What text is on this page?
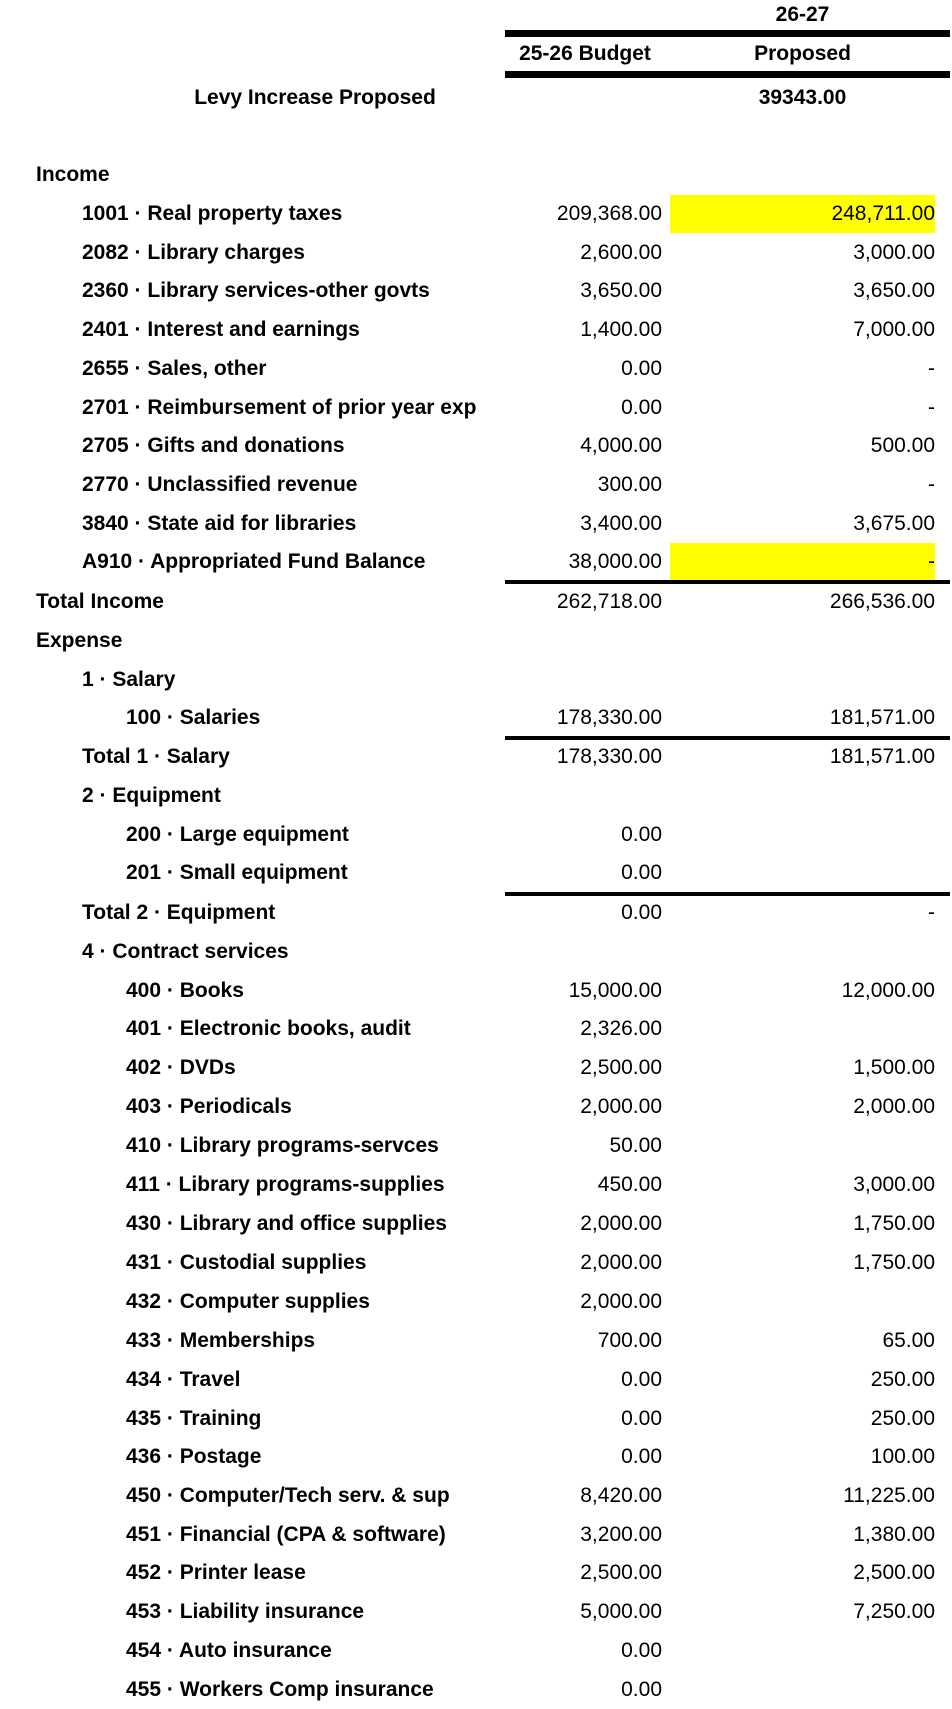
26-27
25-26 Budget	Proposed
Levy Increase Proposed	39343.00
Income
1001 · Real property taxes	209,368.00	248,711.00
2082 · Library charges	2,600.00	3,000.00
2360 · Library services-other govts	3,650.00	3,650.00
2401 · Interest and earnings	1,400.00	7,000.00
2655 · Sales, other	0.00	-
2701 · Reimbursement of prior year exp	0.00	-
2705 · Gifts and donations	4,000.00	500.00
2770 · Unclassified revenue	300.00	-
3840 · State aid for libraries	3,400.00	3,675.00
A910 · Appropriated Fund Balance	38,000.00	-
Total Income	262,718.00	266,536.00
Expense
1 · Salary
100 · Salaries	178,330.00	181,571.00
Total 1 · Salary	178,330.00	181,571.00
2 · Equipment
200 · Large equipment	0.00
201 · Small equipment	0.00
Total 2 · Equipment	0.00	-
4 · Contract services
400 · Books	15,000.00	12,000.00
401 · Electronic books, audit	2,326.00
402 · DVDs	2,500.00	1,500.00
403 · Periodicals	2,000.00	2,000.00
410 · Library programs-servces	50.00
411 · Library programs-supplies	450.00	3,000.00
430 · Library and office supplies	2,000.00	1,750.00
431 · Custodial supplies	2,000.00	1,750.00
432 · Computer supplies	2,000.00
433 · Memberships	700.00	65.00
434 · Travel	0.00	250.00
435 · Training	0.00	250.00
436 · Postage	0.00	100.00
450 · Computer/Tech serv. & sup	8,420.00	11,225.00
451 · Financial (CPA & software)	3,200.00	1,380.00
452 · Printer lease	2,500.00	2,500.00
453 · Liability insurance	5,000.00	7,250.00
454 · Auto insurance	0.00
455 · Workers Comp insurance	0.00
